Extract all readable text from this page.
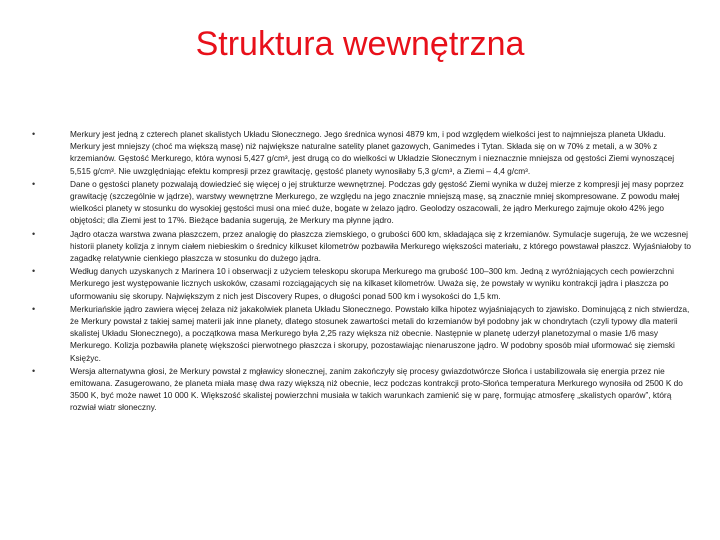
Struktura wewnętrzna
•	Merkury jest jedną z czterech planet skalistych Układu Słonecznego. Jego średnica wynosi 4879 km, i pod względem wielkości jest to najmniejsza planeta Układu. Merkury jest mniejszy (choć ma większą masę) niż największe naturalne satelity planet gazowych, Ganimedes i Tytan. Składa się on w 70% z metali, a w 30% z krzemianów. Gęstość Merkurego, która wynosi 5,427 g/cm³, jest drugą co do wielkości w Układzie Słonecznym i nieznacznie mniejsza od gęstości Ziemi wynoszącej 5,515 g/cm³. Nie uwzględniając efektu kompresji przez grawitację, gęstość planety wynosiłaby 5,3 g/cm³, a Ziemi – 4,4 g/cm³.
•	Dane o gęstości planety pozwalają dowiedzieć się więcej o jej strukturze wewnętrznej. Podczas gdy gęstość Ziemi wynika w dużej mierze z kompresji jej masy poprzez grawitację (szczególnie w jądrze), warstwy wewnętrzne Merkurego, ze względu na jego znacznie mniejszą masę, są znacznie mniej skompresowane. Z powodu małej wielkości planety w stosunku do wysokiej gęstości musi ona mieć duże, bogate w żelazo jądro. Geolodzy oszacowali, że jądro Merkurego zajmuje około 42% jego objętości; dla Ziemi jest to 17%. Bieżące badania sugerują, że Merkury ma płynne jądro.
•	Jądro otacza warstwa zwana płaszczem, przez analogię do płaszcza ziemskiego, o grubości 600 km, składająca się z krzemianów. Symulacje sugerują, że we wczesnej historii planety kolizja z innym ciałem niebieskim o średnicy kilkuset kilometrów pozbawiła Merkurego większości materiału, z którego powstawał płaszcz. Wyjaśniałoby to zagadkę relatywnie cienkiego płaszcza w stosunku do dużego jądra.
•	Według danych uzyskanych z Marinera 10 i obserwacji z użyciem teleskopu skorupa Merkurego ma grubość 100–300 km. Jedną z wyróżniających cech powierzchni Merkurego jest występowanie licznych uskoków, czasami rozciągających się na kilkaset kilometrów. Uważa się, że powstały w wyniku kontrakcji jądra i płaszcza po uformowaniu się skorupy. Największym z nich jest Discovery Rupes, o długości ponad 500 km i wysokości do 1,5 km.
•	Merkuriańskie jądro zawiera więcej żelaza niż jakakolwiek planeta Układu Słonecznego. Powstało kilka hipotez wyjaśniających to zjawisko. Dominującą z nich stwierdza, że Merkury powstał z takiej samej materii jak inne planety, dlatego stosunek zawartości metali do krzemianów był podobny jak w chondrytach (czyli typowy dla materii skalistej Układu Słonecznego), a początkowa masa Merkurego była 2,25 razy większa niż obecnie. Następnie w planetę uderzył planetozymal o masie 1/6 masy Merkurego. Kolizja pozbawiła planetę większości pierwotnego płaszcza i skorupy, pozostawiając nienaruszone jądro. W podobny sposób miał uformować się ziemski Księżyc.
•	Wersja alternatywna głosi, że Merkury powstał z mgławicy słonecznej, zanim zakończyły się procesy gwiazdotwórcze Słońca i ustabilizowała się energia przez nie emitowana. Zasugerowano, że planeta miała masę dwa razy większą niż obecnie, lecz podczas kontrakcji proto-Słońca temperatura Merkurego wynosiła od 2500 K do 3500 K, być może nawet 10 000 K. Większość skalistej powierzchni musiała w takich warunkach zamienić się w parę, formując atmosferę „skalistych oparów”, którą rozwiał wiatr słoneczny.
